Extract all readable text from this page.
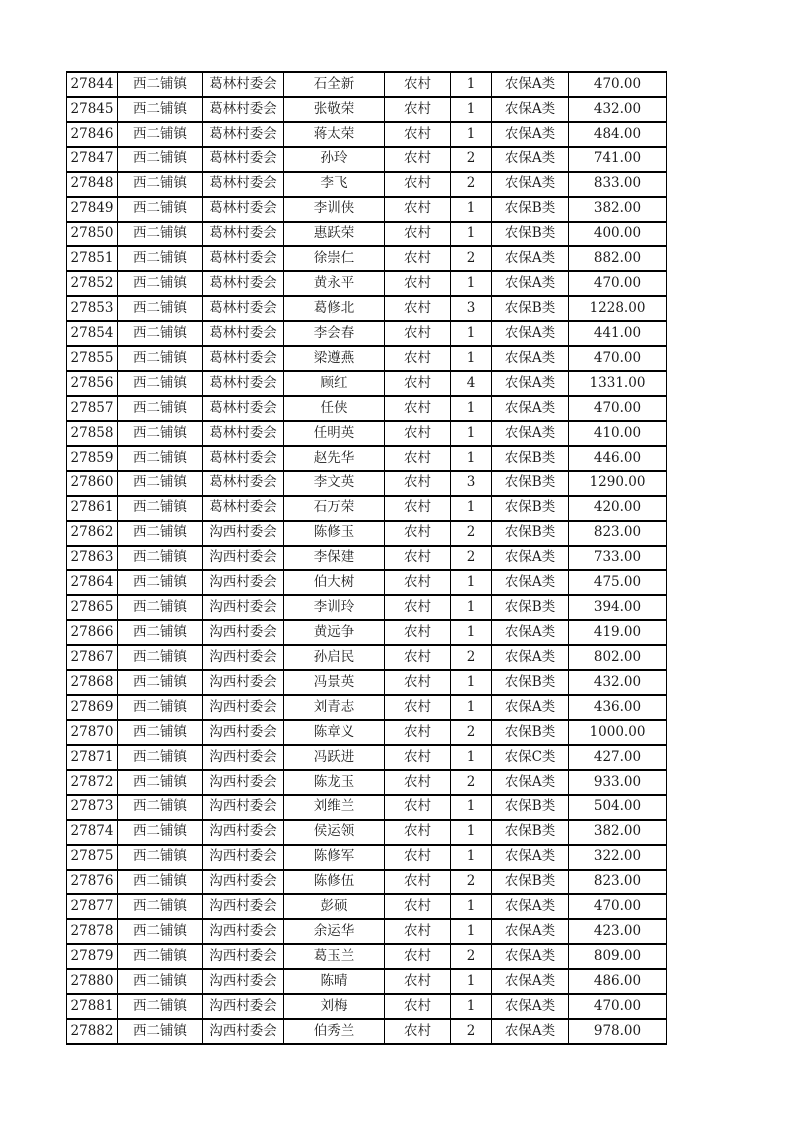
27844	西二铺镇	葛林村委会	石全新	农村	1	农保A类	470.00
27845	西二铺镇	葛林村委会	张敬荣	农村	1	农保A类	432.00
27846	西二铺镇	葛林村委会	蒋太荣	农村	1	农保A类	484.00
27847	西二铺镇	葛林村委会	孙玲	农村	2	农保A类	741.00
27848	西二铺镇	葛林村委会	李飞	农村	2	农保A类	833.00
27849	西二铺镇	葛林村委会	李训侠	农村	1	农保B类	382.00
27850	西二铺镇	葛林村委会	惠跃荣	农村	1	农保B类	400.00
27851	西二铺镇	葛林村委会	徐崇仁	农村	2	农保A类	882.00
27852	西二铺镇	葛林村委会	黄永平	农村	1	农保A类	470.00
27853	西二铺镇	葛林村委会	葛修北	农村	3	农保B类	1228.00
27854	西二铺镇	葛林村委会	李会春	农村	1	农保A类	441.00
27855	西二铺镇	葛林村委会	梁遵燕	农村	1	农保A类	470.00
27856	西二铺镇	葛林村委会	顾红	农村	4	农保A类	1331.00
27857	西二铺镇	葛林村委会	任侠	农村	1	农保A类	470.00
27858	西二铺镇	葛林村委会	任明英	农村	1	农保A类	410.00
27859	西二铺镇	葛林村委会	赵先华	农村	1	农保B类	446.00
27860	西二铺镇	葛林村委会	李文英	农村	3	农保B类	1290.00
27861	西二铺镇	葛林村委会	石万荣	农村	1	农保B类	420.00
27862	西二铺镇	沟西村委会	陈修玉	农村	2	农保B类	823.00
27863	西二铺镇	沟西村委会	李保建	农村	2	农保A类	733.00
27864	西二铺镇	沟西村委会	伯大树	农村	1	农保A类	475.00
27865	西二铺镇	沟西村委会	李训玲	农村	1	农保B类	394.00
27866	西二铺镇	沟西村委会	黄远争	农村	1	农保A类	419.00
27867	西二铺镇	沟西村委会	孙启民	农村	2	农保A类	802.00
27868	西二铺镇	沟西村委会	冯景英	农村	1	农保B类	432.00
27869	西二铺镇	沟西村委会	刘青志	农村	1	农保A类	436.00
27870	西二铺镇	沟西村委会	陈章义	农村	2	农保B类	1000.00
27871	西二铺镇	沟西村委会	冯跃进	农村	1	农保C类	427.00
27872	西二铺镇	沟西村委会	陈龙玉	农村	2	农保A类	933.00
27873	西二铺镇	沟西村委会	刘维兰	农村	1	农保B类	504.00
27874	西二铺镇	沟西村委会	侯运领	农村	1	农保B类	382.00
27875	西二铺镇	沟西村委会	陈修军	农村	1	农保A类	322.00
27876	西二铺镇	沟西村委会	陈修伍	农村	2	农保B类	823.00
27877	西二铺镇	沟西村委会	彭硕	农村	1	农保A类	470.00
27878	西二铺镇	沟西村委会	余运华	农村	1	农保A类	423.00
27879	西二铺镇	沟西村委会	葛玉兰	农村	2	农保A类	809.00
27880	西二铺镇	沟西村委会	陈晴	农村	1	农保A类	486.00
27881	西二铺镇	沟西村委会	刘梅	农村	1	农保A类	470.00
27882	西二铺镇	沟西村委会	伯秀兰	农村	2	农保A类	978.00
